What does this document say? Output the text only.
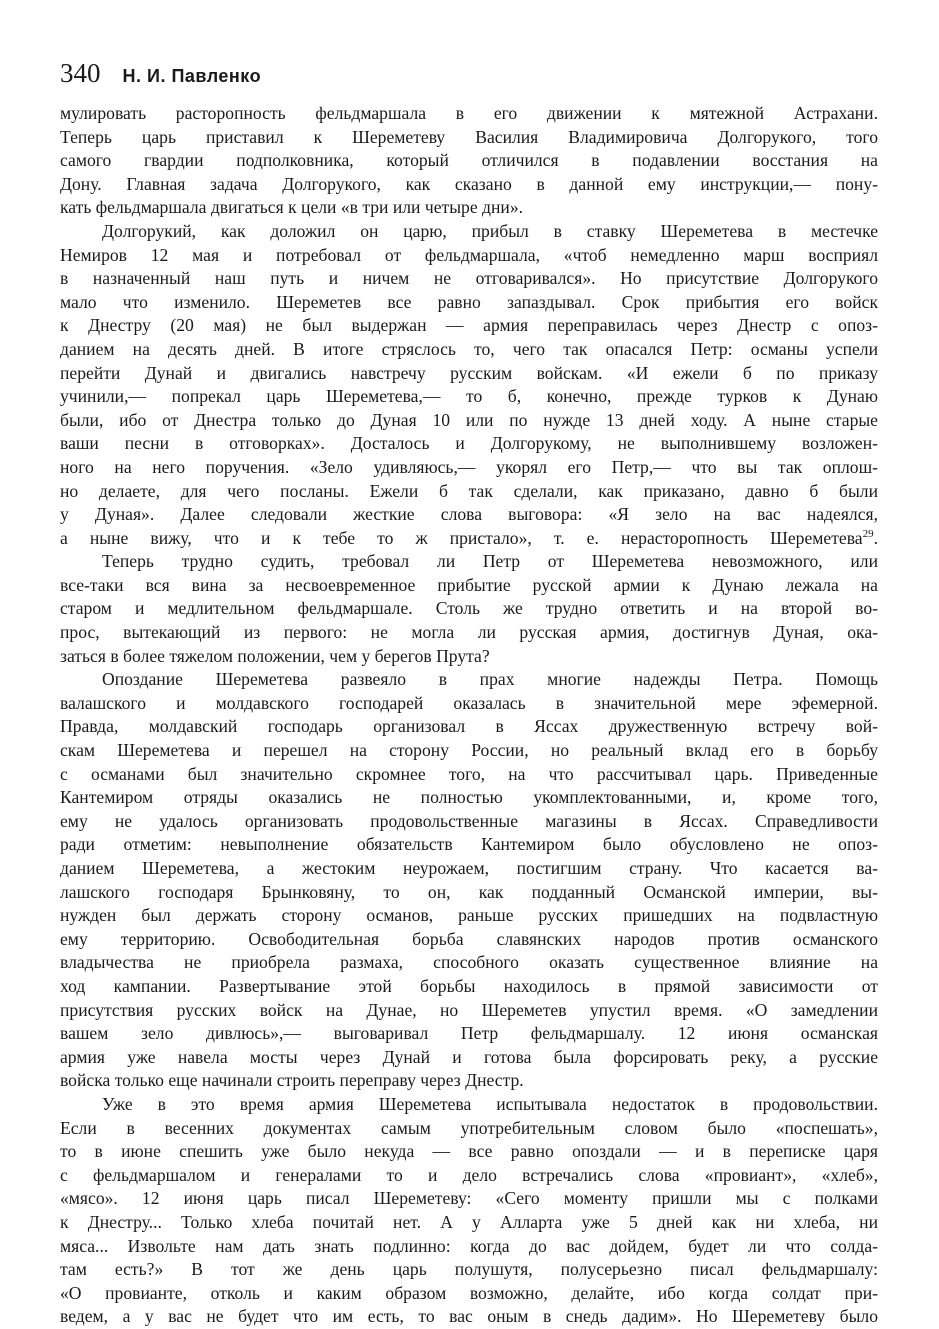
340 Н. И. Павленко
мулировать расторопность фельдмаршала в его движении к мятежной Астрахани.
Теперь царь приставил к Шереметеву Василия Владимировича Долгорукого, того
самого гвардии подполковника, который отличился в подавлении восстания на
Дону. Главная задача Долгорукого, как сказано в данной ему инструкции,— пону-
кать фельдмаршала двигаться к цели «в три или четыре дни».
Долгорукий, как доложил он царю, прибыл в ставку Шереметева в местечке
Немиров 12 мая и потребовал от фельдмаршала, «чтоб немедленно марш восприял
в назначенный наш путь и ничем не отговаривался». Но присутствие Долгорукого
мало что изменило. Шереметев все равно запаздывал. Срок прибытия его войск
к Днестру (20 мая) не был выдержан — армия переправилась через Днестр с опоз-
данием на десять дней. В итоге стряслось то, чего так опасался Петр: османы успели
перейти Дунай и двигались навстречу русским войскам. «И ежели б по приказу
учинили,— попрекал царь Шереметева,— то б, конечно, прежде турков к Дунаю
были, ибо от Днестра только до Дуная 10 или по нужде 13 дней ходу. А ныне старые
ваши песни в отговорках». Досталось и Долгорукому, не выполнившему возложен-
ного на него поручения. «Зело удивляюсь,— укорял его Петр,— что вы так оплош-
но делаете, для чего посланы. Ежели б так сделали, как приказано, давно б были
у Дуная». Далее следовали жесткие слова выговора: «Я зело на вас надеялся,
а ныне вижу, что и к тебе то ж пристало», т. е. нерасторопность Шереметева$^{29}$.
Теперь трудно судить, требовал ли Петр от Шереметева невозможного, или
все-таки вся вина за несвоевременное прибытие русской армии к Дунаю лежала на
старом и медлительном фельдмаршале. Столь же трудно ответить и на второй во-
прос, вытекающий из первого: не могла ли русская армия, достигнув Дуная, ока-
заться в более тяжелом положении, чем у берегов Прута?
Опоздание Шереметева развеяло в прах многие надежды Петра. Помощь
валашского и молдавского господарей оказалась в значительной мере эфемерной.
Правда, молдавский господарь организовал в Яссах дружественную встречу вой-
скам Шереметева и перешел на сторону России, но реальный вклад его в борьбу
с османами был значительно скромнее того, на что рассчитывал царь. Приведенные
Кантемиром отряды оказались не полностью укомплектованными, и, кроме того,
ему не удалось организовать продовольственные магазины в Яссах. Справедливости
ради отметим: невыполнение обязательств Кантемиром было обусловлено не опоз-
данием Шереметева, а жестоким неурожаем, постигшим страну. Что касается ва-
лашского господаря Брынковяну, то он, как подданный Османской империи, вы-
нужден был держать сторону османов, раньше русских пришедших на подвластную
ему территорию. Освободительная борьба славянских народов против османского
владычества не приобрела размаха, способного оказать существенное влияние на
ход кампании. Развертывание этой борьбы находилось в прямой зависимости от
присутствия русских войск на Дунае, но Шереметев упустил время. «О замедлении
вашем зело дивлюсь»,— выговаривал Петр фельдмаршалу. 12 июня османская
армия уже навела мосты через Дунай и готова была форсировать реку, а русские
войска только еще начинали строить переправу через Днестр.
Уже в это время армия Шереметева испытывала недостаток в продовольствии.
Если в весенних документах самым употребительным словом было «поспешать»,
то в июне спешить уже было некуда — все равно опоздали — и в переписке царя
с фельдмаршалом и генералами то и дело встречались слова «провиант», «хлеб»,
«мясо». 12 июня царь писал Шереметеву: «Сего моменту пришли мы с полками
к Днестру... Только хлеба почитай нет. А у Алларта уже 5 дней как ни хлеба, ни
мяса... Извольте нам дать знать подлинно: когда до вас дойдем, будет ли что солда-
там есть?» В тот же день царь полушутя, полусерьезно писал фельдмаршалу:
«О провианте, отколь и каким образом возможно, делайте, ибо когда солдат при-
ведем, а у вас не будет что им есть, то вас оным в снедь дадим». Но Шереметеву было
